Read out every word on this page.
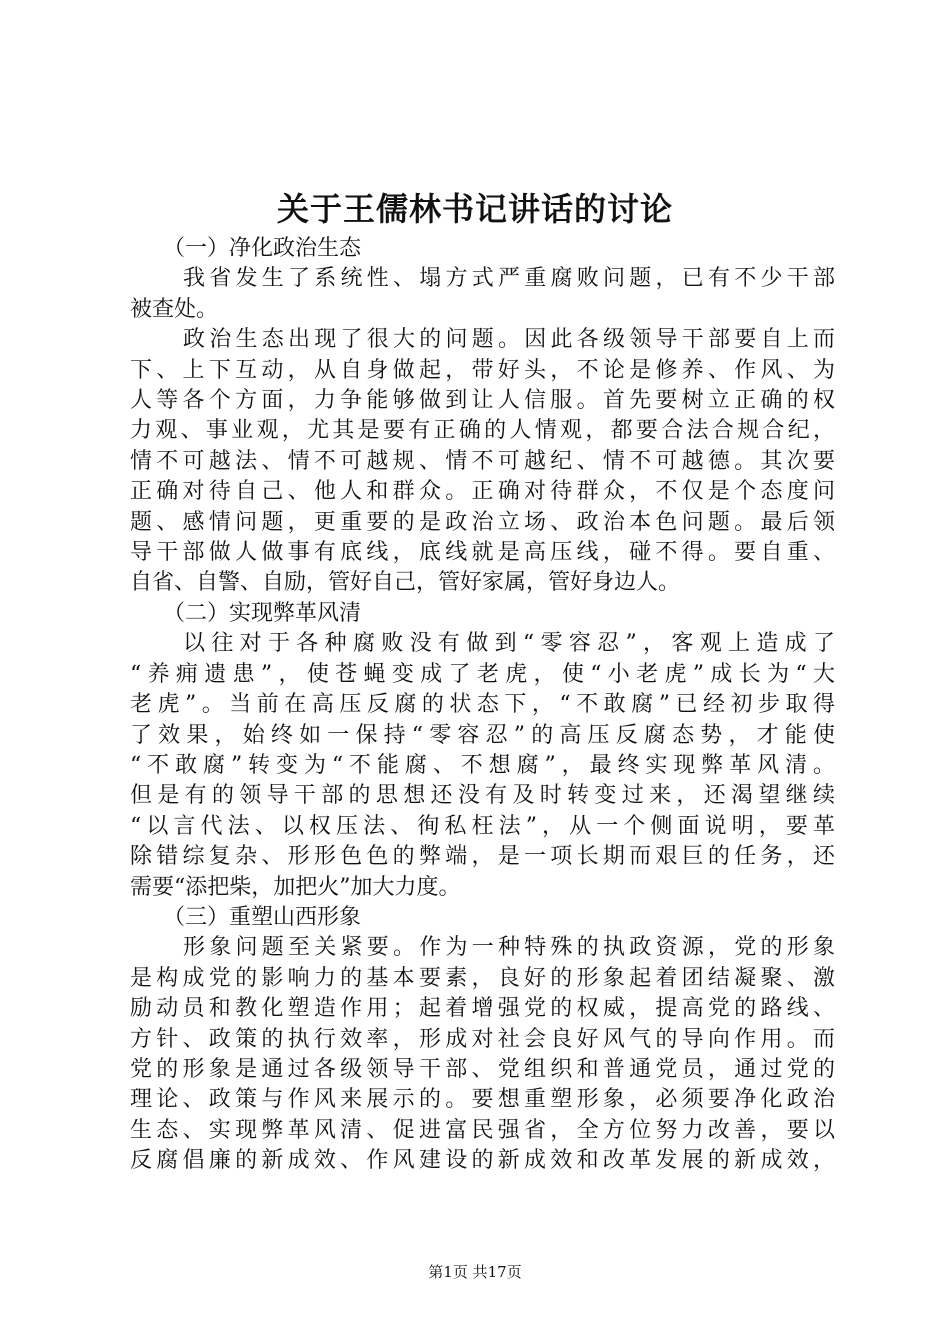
关于王儒林书记讲话的讨论
（一）净化政治生态
我省发生了系统性、塌方式严重腐败问题，已有不少干部
被查处。
政治生态出现了很大的问题。因此各级领导干部要自上而
下、上下互动，从自身做起，带好头，不论是修养、作风、为
人等各个方面，力争能够做到让人信服。首先要树立正确的权
力观、事业观，尤其是要有正确的人情观，都要合法合规合纪，
情不可越法、情不可越规、情不可越纪、情不可越德。其次要
正确对待自己、他人和群众。正确对待群众，不仅是个态度问
题、感情问题，更重要的是政治立场、政治本色问题。最后领
导干部做人做事有底线，底线就是高压线，碰不得。要自重、
自省、自警、自励，管好自己，管好家属，管好身边人。
（二）实现弊革风清
以往对于各种腐败没有做到“零容忍”，客观上造成了
“养痈遗患”，使苍蝇变成了老虎，使“小老虎”成长为“大
老虎”。当前在高压反腐的状态下，“不敢腐”已经初步取得
了效果，始终如一保持“零容忍”的高压反腐态势，才能使
“不敢腐”转变为“不能腐、不想腐”，最终实现弊革风清。
但是有的领导干部的思想还没有及时转变过来，还渴望继续
“以言代法、以权压法、徇私枉法”，从一个侧面说明，要革
除错综复杂、形形色色的弊端，是一项长期而艰巨的任务，还
需要“添把柴，加把火”加大力度。
（三）重塑山西形象
形象问题至关紧要。作为一种特殊的执政资源，党的形象
是构成党的影响力的基本要素，良好的形象起着团结凝聚、激
励动员和教化塑造作用；起着增强党的权威，提高党的路线、
方针、政策的执行效率，形成对社会良好风气的导向作用。而
党的形象是通过各级领导干部、党组织和普通党员，通过党的
理论、政策与作风来展示的。要想重塑形象，必须要净化政治
生态、实现弊革风清、促进富民强省，全方位努力改善，要以
反腐倡廉的新成效、作风建设的新成效和改革发展的新成效，
第1页 共17页
